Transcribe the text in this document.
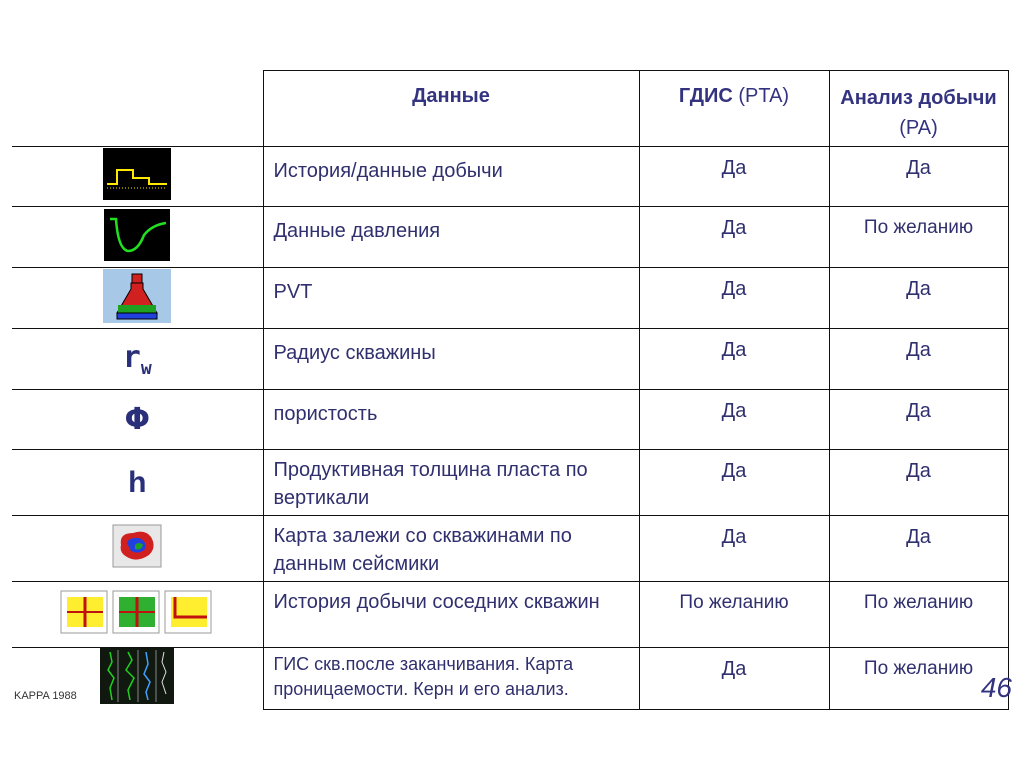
	Данные	ГДИС (PTA)	Анализ добычи (PA)
	История/данные добычи	Да	Да
	Данные давления	Да	По желанию
	PVT	Да	Да
$r_w$	Радиус скважины	Да	Да
Φ	пористость	Да	Да
h	Продуктивная толщина пласта по вертикали	Да	Да
	Карта залежи со скважинами по данным сейсмики	Да	Да
	История добычи соседних скважин	По желанию	По желанию
	ГИС скв.после заканчивания. Карта проницаемости. Керн и его анализ.	Да	По желанию
KAPPA 1988	46
